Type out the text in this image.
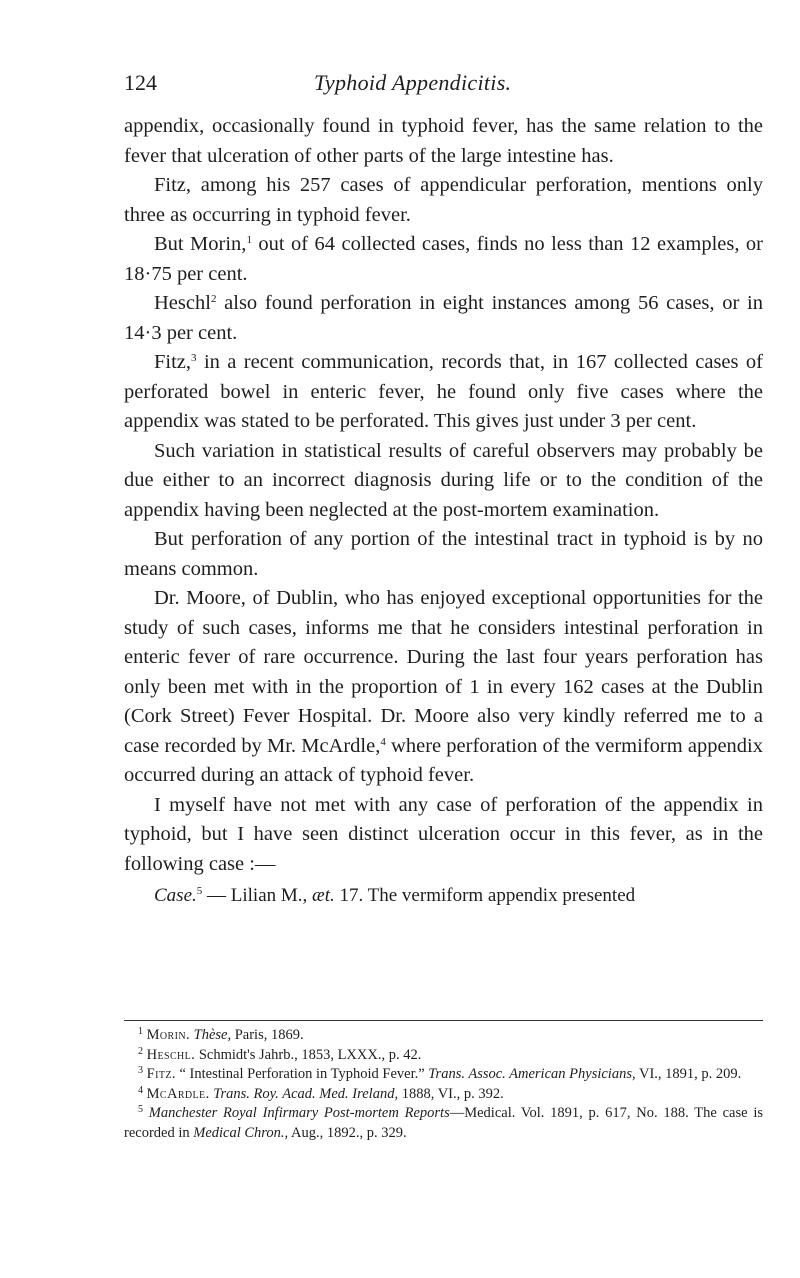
124	Typhoid Appendicitis.

appendix, occasionally found in typhoid fever, has the same relation to the fever that ulceration of other parts of the large intestine has.

Fitz, among his 257 cases of appendicular perforation, mentions only three as occurring in typhoid fever.

But Morin,$^1$ out of 64 collected cases, finds no less than 12 examples, or 18·75 per cent.

Heschl$^2$ also found perforation in eight instances among 56 cases, or in 14·3 per cent.

Fitz,$^3$ in a recent communication, records that, in 167 collected cases of perforated bowel in enteric fever, he found only five cases where the appendix was stated to be perforated. This gives just under 3 per cent.

Such variation in statistical results of careful observers may probably be due either to an incorrect diagnosis during life or to the condition of the appendix having been neglected at the post-mortem examination.

But perforation of any portion of the intestinal tract in typhoid is by no means common.

Dr. Moore, of Dublin, who has enjoyed exceptional opportunities for the study of such cases, informs me that he considers intestinal perforation in enteric fever of rare occurrence. During the last four years perforation has only been met with in the proportion of 1 in every 162 cases at the Dublin (Cork Street) Fever Hospital. Dr. Moore also very kindly referred me to a case recorded by Mr. McArdle,$^4$ where perforation of the vermiform appendix occurred during an attack of typhoid fever.

I myself have not met with any case of perforation of the appendix in typhoid, but I have seen distinct ulceration occur in this fever, as in the following case :—

Case.$^5$ — Lilian M., æt. 17. The vermiform appendix presented

$^1$ Morin. Thèse, Paris, 1869.

$^2$ Heschl. Schmidt's Jahrb., 1853, LXXX., p. 42.

$^3$ Fitz. “ Intestinal Perforation in Typhoid Fever.” Trans. Assoc. American Physicians, VI., 1891, p. 209.

$^4$ McArdle. Trans. Roy. Acad. Med. Ireland, 1888, VI., p. 392.

$^5$ Manchester Royal Infirmary Post-mortem Reports—Medical. Vol. 1891, p. 617, No. 188. The case is recorded in Medical Chron., Aug., 1892., p. 329.
